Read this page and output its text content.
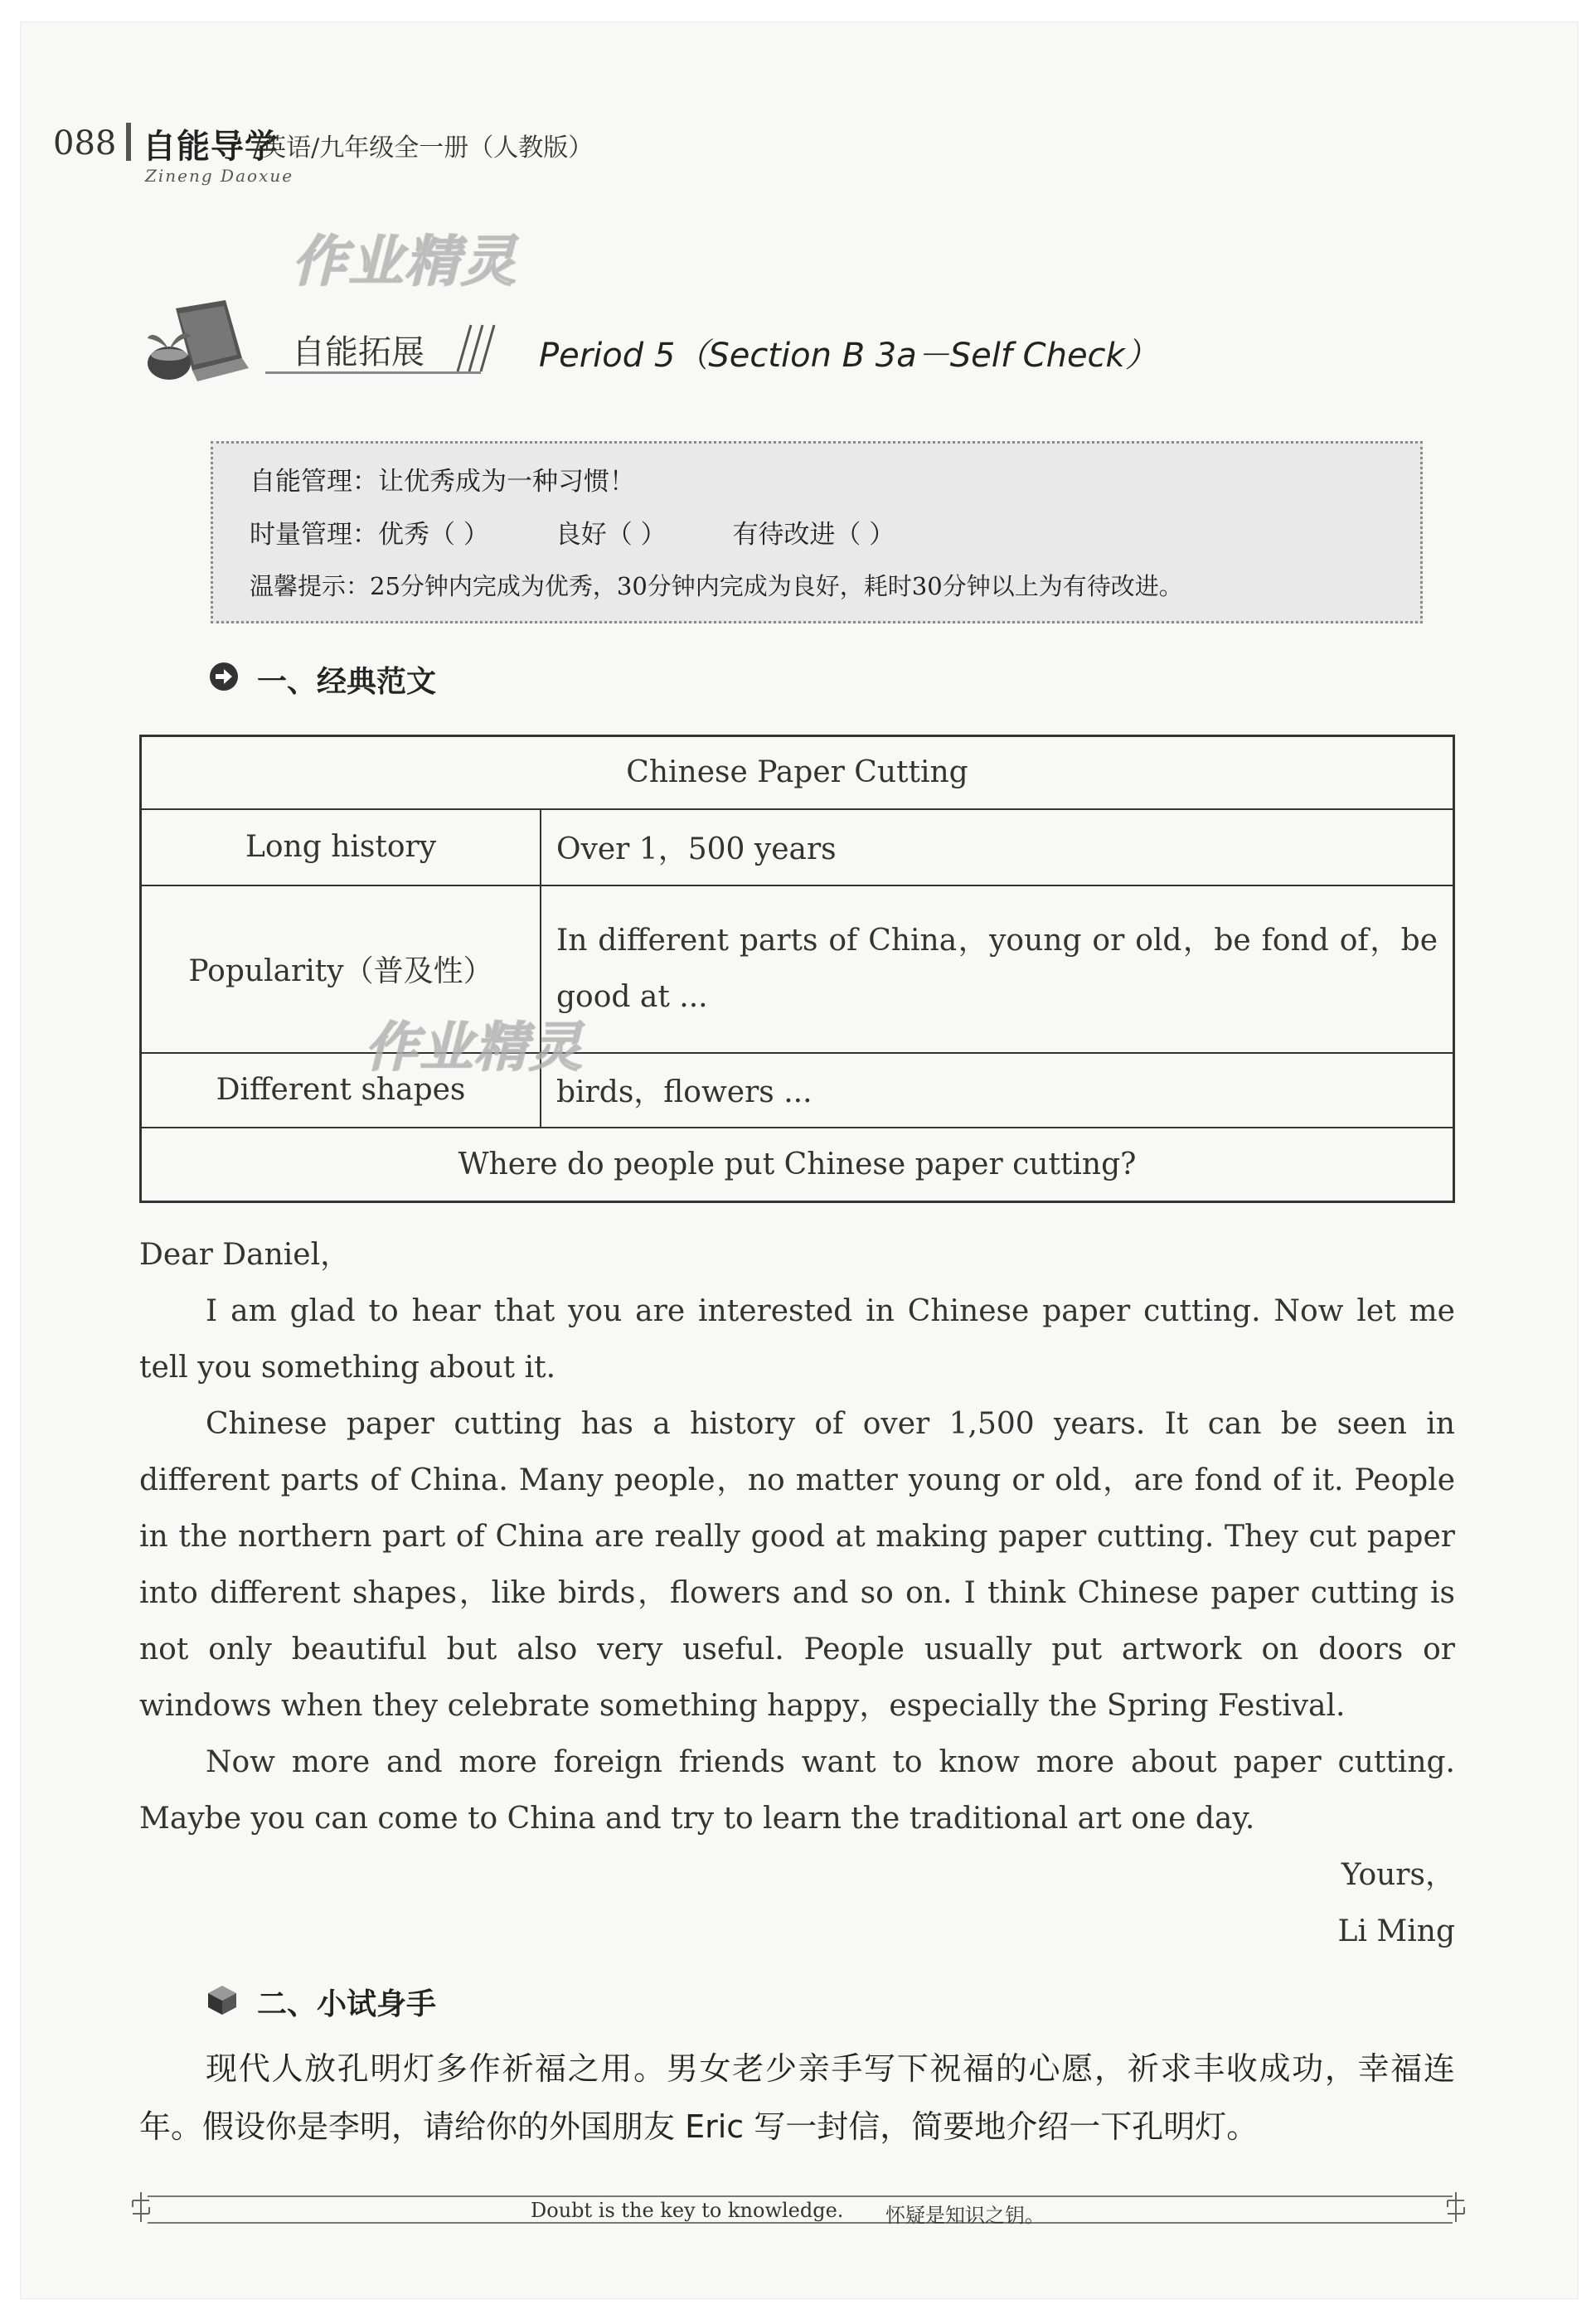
088 自能导学
/英语/九年级全一册（人教版）
Zineng Daoxue
作业精灵
自能拓展	Period 5（Section B 3a－Self Check）
自能管理：让优秀成为一种习惯！
时量管理：优秀（ ）	良好（ ）	有待改进（ ）
温馨提示：25分钟内完成为优秀，30分钟内完成为良好，耗时30分钟以上为有待改进。
一、经典范文
Chinese Paper Cutting	
Long history	Over 1，500 years
Popularity（普及性）	In different parts of China，young or old，be fond of，be good at ...
Different shapes	birds，flowers ...
Where do people put Chinese paper cutting?	
作业精灵

Dear Daniel，

I am glad to hear that you are interested in Chinese paper cutting. Now let me tell you something about it.

Chinese paper cutting has a history of over 1,500 years. It can be seen in different parts of China. Many people，no matter young or old，are fond of it. People in the northern part of China are really good at making paper cutting. They cut paper into different shapes，like birds，flowers and so on. I think Chinese paper cutting is not only beautiful but also very useful. People usually put artwork on doors or windows when they celebrate something happy，especially the Spring Festival.

Now more and more foreign friends want to know more about paper cutting. Maybe you can come to China and try to learn the traditional art one day.

Yours，

Li Ming

二、小试身手

现代人放孔明灯多作祈福之用。男女老少亲手写下祝福的心愿，祈求丰收成功，幸福连年。假设你是李明，请给你的外国朋友 Eric 写一封信，简要地介绍一下孔明灯。

Doubt is the key to knowledge. 怀疑是知识之钥。
